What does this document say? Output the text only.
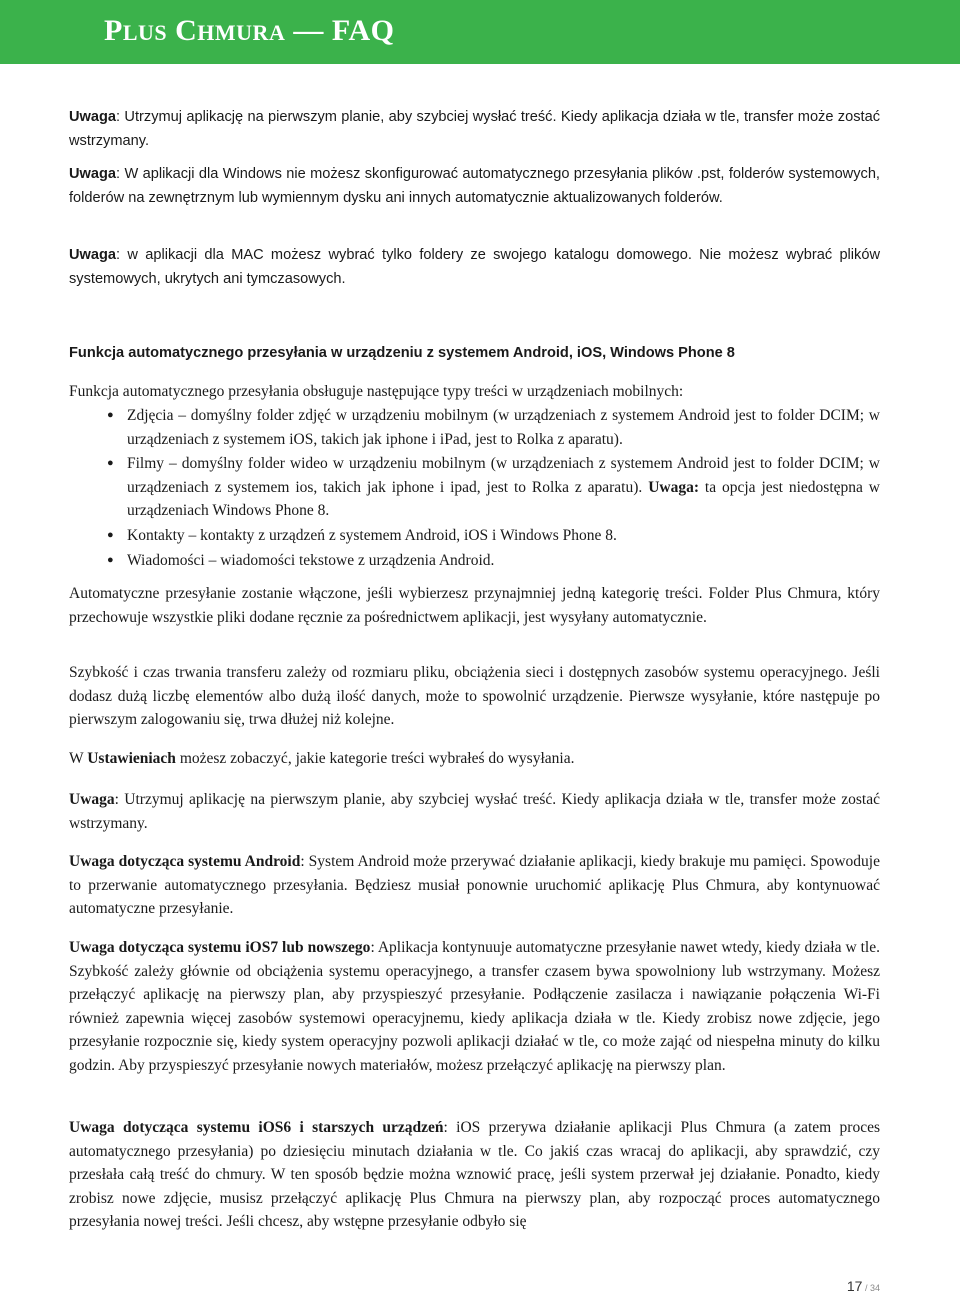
PLUS CHMURA — FAQ

Uwaga: Utrzymuj aplikację na pierwszym planie, aby szybciej wysłać treść. Kiedy aplikacja działa w tle, transfer może zostać wstrzymany.

Uwaga: W aplikacji dla Windows nie możesz skonfigurować automatycznego przesyłania plików .pst, folderów systemowych, folderów na zewnętrznym lub wymiennym dysku ani innych automatycznie aktualizowanych folderów.

Uwaga: w aplikacji dla MAC możesz wybrać tylko foldery ze swojego katalogu domowego. Nie możesz wybrać plików systemowych, ukrytych ani tymczasowych.

Funkcja automatycznego przesyłania w urządzeniu z systemem Android, iOS, Windows Phone 8

Funkcja automatycznego przesyłania obsługuje następujące typy treści w urządzeniach mobilnych:

● Zdjęcia – domyślny folder zdjęć w urządzeniu mobilnym (w urządzeniach z systemem Android jest to folder DCIM; w urządzeniach z systemem iOS, takich jak iphone i iPad, jest to Rolka z aparatu).
● Filmy – domyślny folder wideo w urządzeniu mobilnym (w urządzeniach z systemem Android jest to folder DCIM; w urządzeniach z systemem ios, takich jak iphone i ipad, jest to Rolka z aparatu). Uwaga: ta opcja jest niedostępna w urządzeniach Windows Phone 8.
● Kontakty – kontakty z urządzeń z systemem Android, iOS i Windows Phone 8.
● Wiadomości – wiadomości tekstowe z urządzenia Android.

Automatyczne przesyłanie zostanie włączone, jeśli wybierzesz przynajmniej jedną kategorię treści. Folder Plus Chmura, który przechowuje wszystkie pliki dodane ręcznie za pośrednictwem aplikacji, jest wysyłany automatycznie.

Szybkość i czas trwania transferu zależy od rozmiaru pliku, obciążenia sieci i dostępnych zasobów systemu operacyjnego. Jeśli dodasz dużą liczbę elementów albo dużą ilość danych, może to spowolnić urządzenie. Pierwsze wysyłanie, które następuje po pierwszym zalogowaniu się, trwa dłużej niż kolejne.

W Ustawieniach możesz zobaczyć, jakie kategorie treści wybrałeś do wysyłania.

Uwaga: Utrzymuj aplikację na pierwszym planie, aby szybciej wysłać treść. Kiedy aplikacja działa w tle, transfer może zostać wstrzymany.

Uwaga dotycząca systemu Android: System Android może przerywać działanie aplikacji, kiedy brakuje mu pamięci. Spowoduje to przerwanie automatycznego przesyłania. Będziesz musiał ponownie uruchomić aplikację Plus Chmura, aby kontynuować automatyczne przesyłanie.

Uwaga dotycząca systemu iOS7 lub nowszego: Aplikacja kontynuuje automatyczne przesyłanie nawet wtedy, kiedy działa w tle. Szybkość zależy głównie od obciążenia systemu operacyjnego, a transfer czasem bywa spowolniony lub wstrzymany. Możesz przełączyć aplikację na pierwszy plan, aby przyspieszyć przesyłanie. Podłączenie zasilacza i nawiązanie połączenia Wi-Fi również zapewnia więcej zasobów systemowi operacyjnemu, kiedy aplikacja działa w tle. Kiedy zrobisz nowe zdjęcie, jego przesyłanie rozpocznie się, kiedy system operacyjny pozwoli aplikacji działać w tle, co może zająć od niespełna minuty do kilku godzin. Aby przyspieszyć przesyłanie nowych materiałów, możesz przełączyć aplikację na pierwszy plan.

Uwaga dotycząca systemu iOS6 i starszych urządzeń: iOS przerywa działanie aplikacji Plus Chmura (a zatem proces automatycznego przesyłania) po dziesięciu minutach działania w tle. Co jakiś czas wracaj do aplikacji, aby sprawdzić, czy przesłała całą treść do chmury. W ten sposób będzie można wznowić pracę, jeśli system przerwał jej działanie. Ponadto, kiedy zrobisz nowe zdjęcie, musisz przełączyć aplikację Plus Chmura na pierwszy plan, aby rozpocząć proces automatycznego przesyłania nowej treści. Jeśli chcesz, aby wstępne przesyłanie odbyło się

17 / 34
